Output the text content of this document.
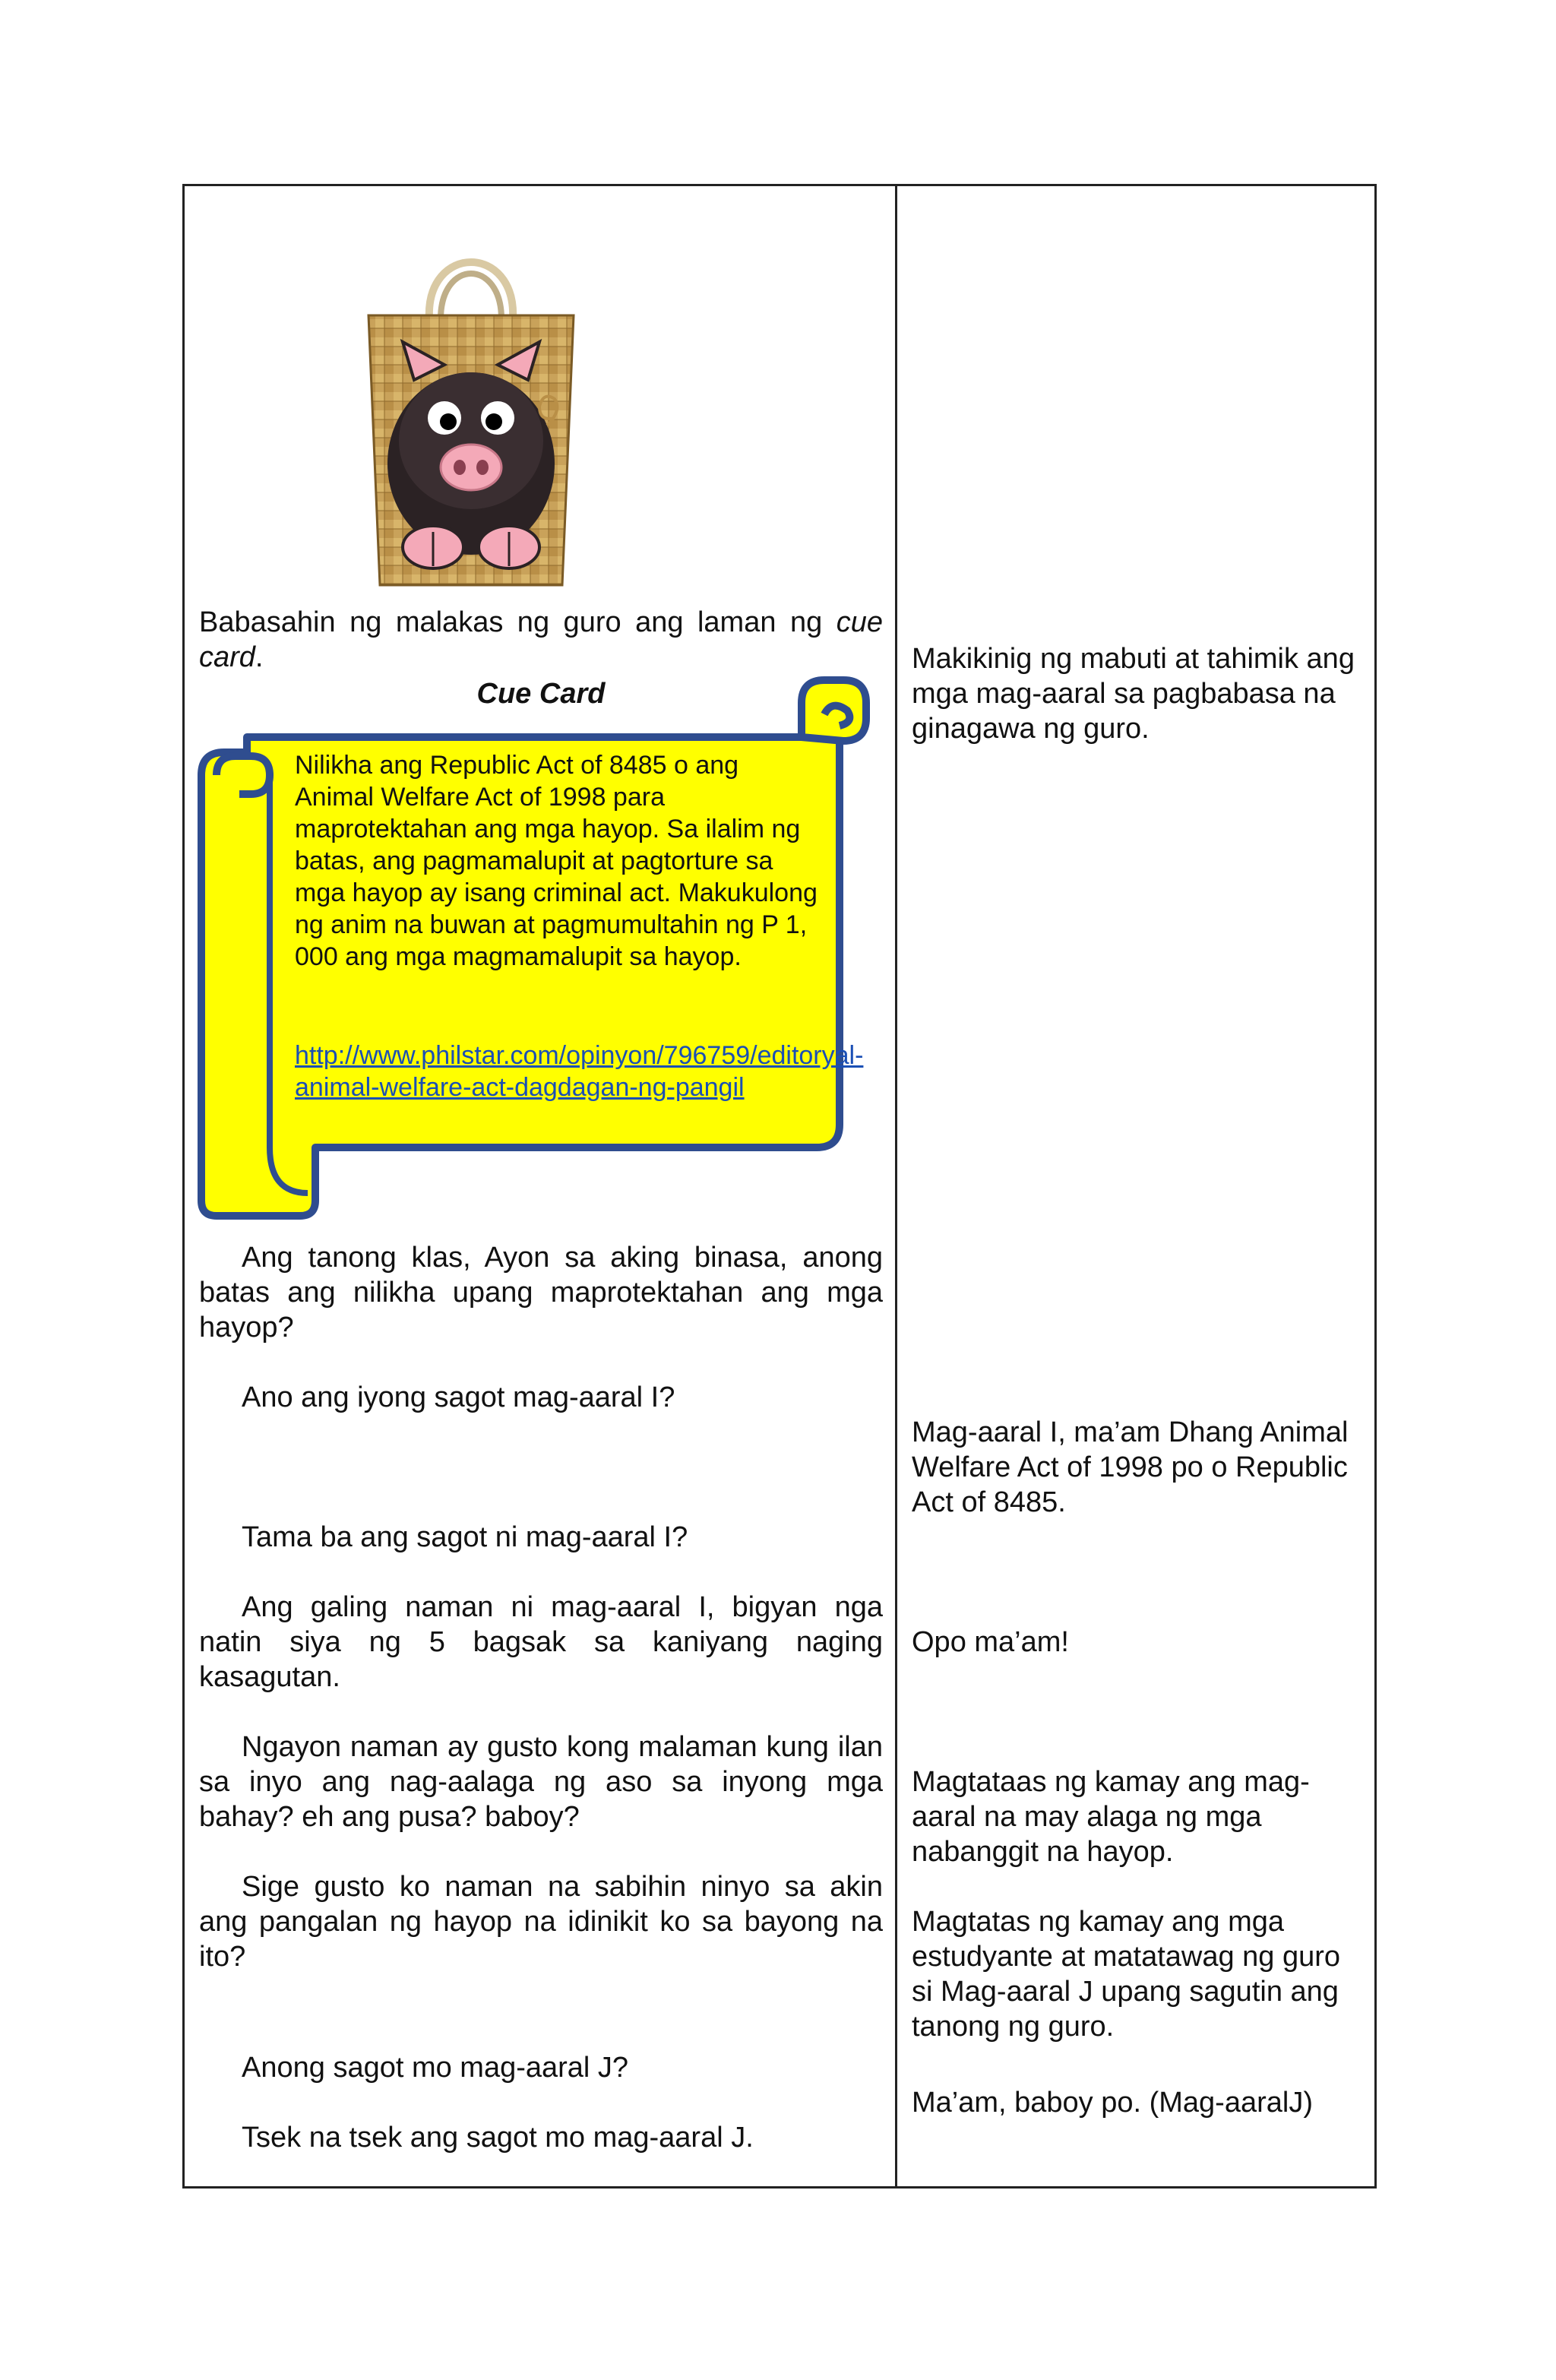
Babasahin ng malakas ng guro ang laman ng cue card.

Cue Card
Nilikha ang Republic Act of 8485 o ang Animal Welfare Act of 1998 para maprotektahan ang mga hayop. Sa ilalim ng batas, ang pagmamalupit at pagtorture sa mga hayop ay isang criminal act. Makukulong ng anim na buwan at pagmumultahin ng P 1, 000 ang mga magmamalupit sa hayop.
http://www.philstar.com/opinyon/796759/editoryal-animal-welfare-act-dagdagan-ng-pangil

Ang tanong klas, Ayon sa aking binasa, anong batas ang nilikha upang maprotektahan ang mga hayop?

Ano ang iyong sagot mag-aaral I?

Tama ba ang sagot ni mag-aaral I?

Ang galing naman ni mag-aaral I, bigyan nga natin siya ng 5 bagsak sa kaniyang naging kasagutan.

Ngayon naman ay gusto kong malaman kung ilan sa inyo ang nag-aalaga ng aso sa inyong mga bahay? eh ang pusa? baboy?

Sige gusto ko naman na sabihin ninyo sa akin ang pangalan ng hayop na idinikit ko sa bayong na ito?

Anong sagot mo mag-aaral J?

Tsek na tsek ang sagot mo mag-aaral J.

Makikinig ng mabuti at tahimik ang mga mag-aaral sa pagbabasa na ginagawa ng guro.

Mag-aaral I, ma’am Dhang Animal Welfare Act of 1998 po o Republic Act of 8485.

Opo ma’am!

Magtataas ng kamay ang mag-aaral na may alaga ng mga nabanggit na hayop.

Magtatas ng kamay ang mga estudyante at matatawag ng guro si Mag-aaral J upang sagutin ang tanong ng guro.

Ma’am, baboy po. (Mag-aaralJ)
